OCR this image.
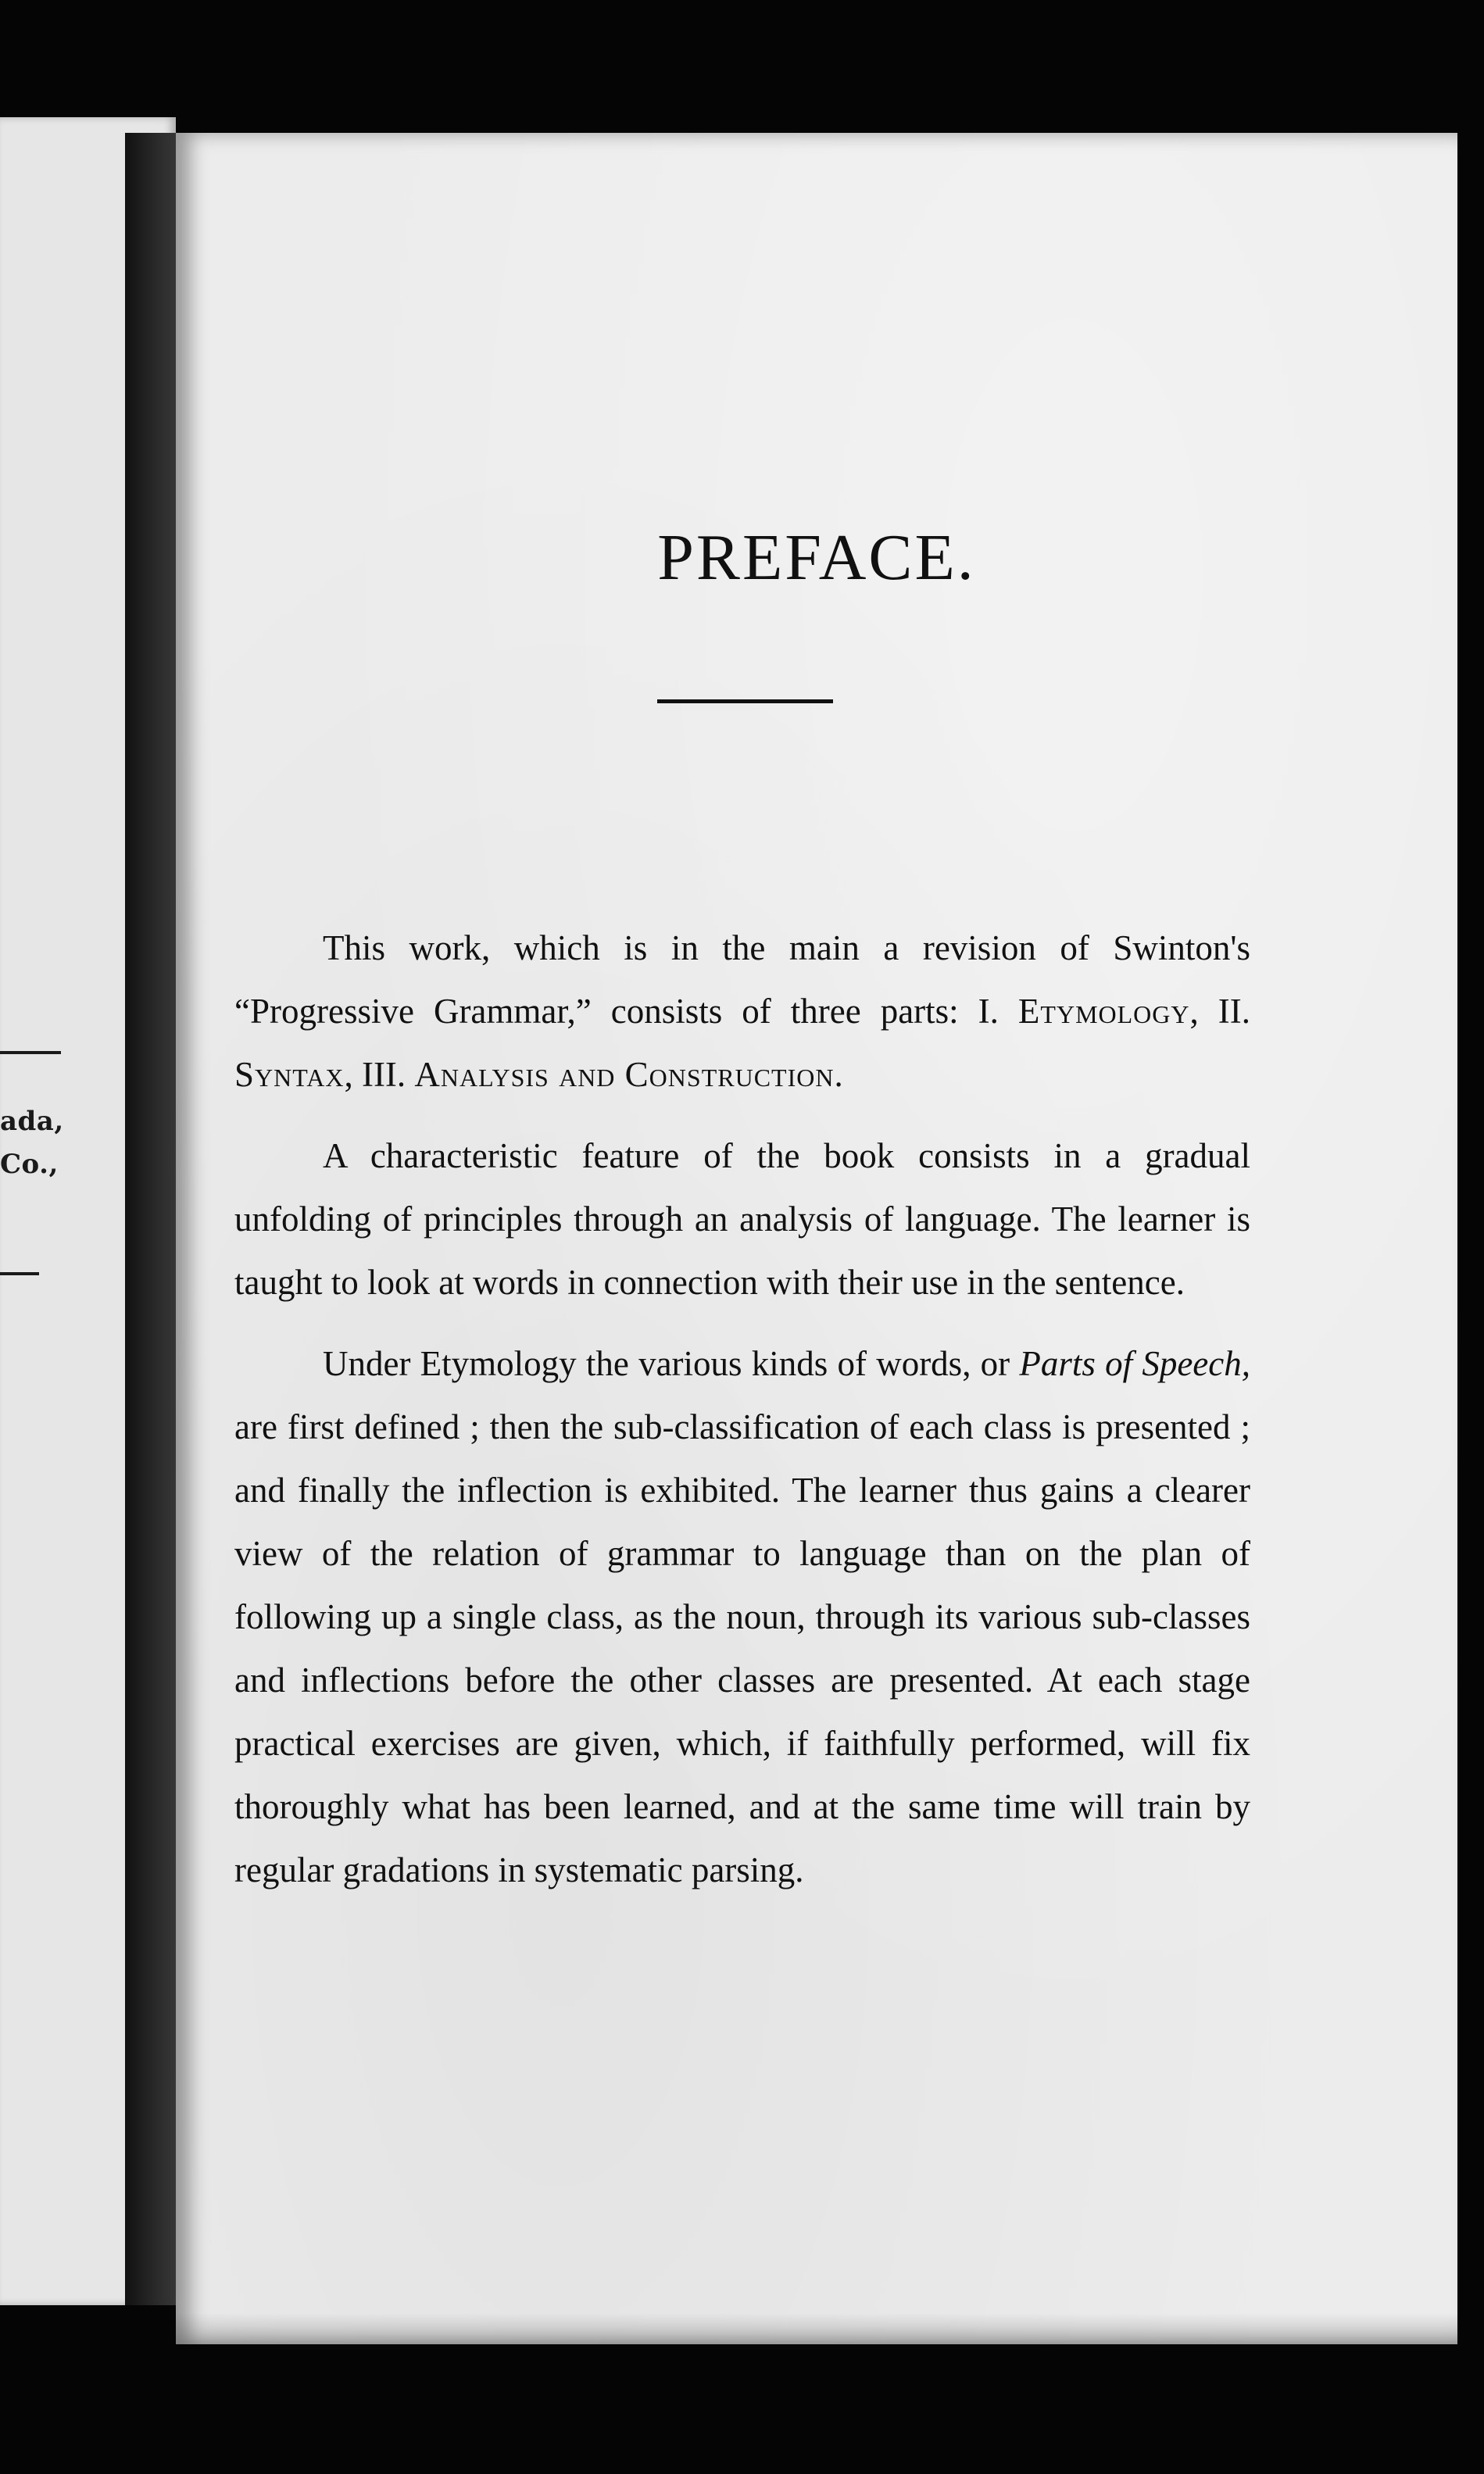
ada,
Co.,
PREFACE.

This work, which is in the main a revision of Swinton's “Progressive Grammar,” consists of three parts: I. Etymology, II. Syntax, III. Analysis and Construction.

A characteristic feature of the book consists in a gradual unfolding of principles through an analysis of language. The learner is taught to look at words in connection with their use in the sentence.

Under Etymology the various kinds of words, or Parts of Speech, are first defined ; then the sub-classification of each class is presented ; and finally the inflection is exhibited. The learner thus gains a clearer view of the relation of grammar to language than on the plan of following up a single class, as the noun, through its various sub-classes and inflections before the other classes are presented. At each stage practical exercises are given, which, if faithfully performed, will fix thoroughly what has been learned, and at the same time will train by regular gradations in systematic parsing.
